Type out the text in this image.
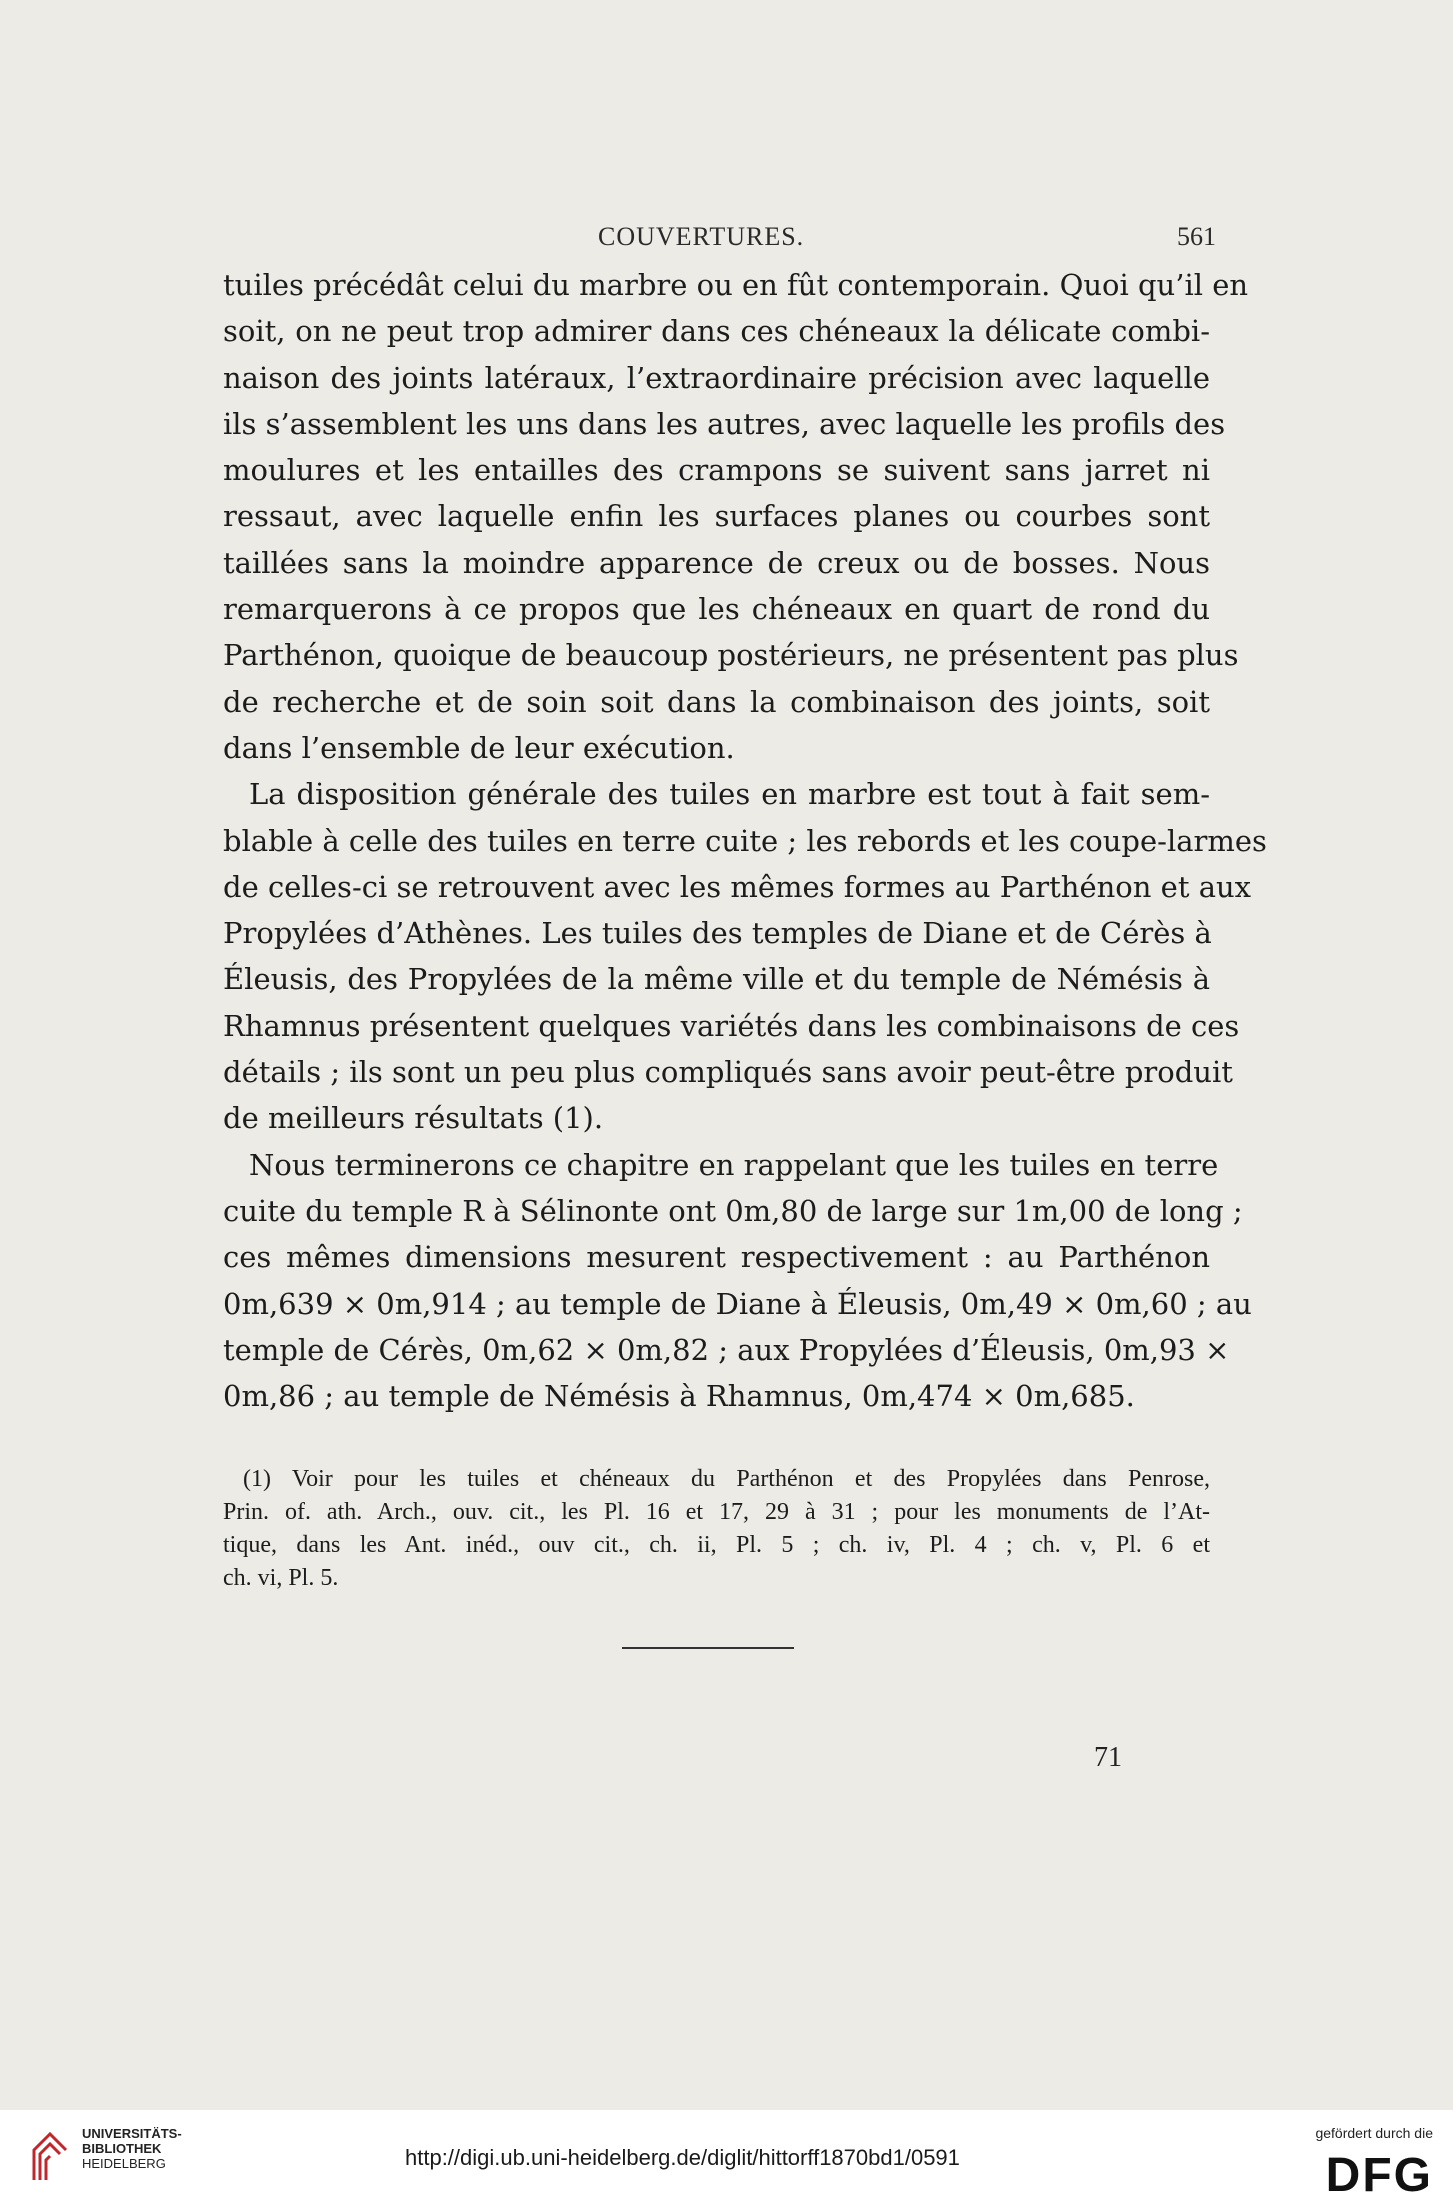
COUVERTURES.	561

tuiles précédât celui du marbre ou en fût contemporain. Quoi qu’il en
soit, on ne peut trop admirer dans ces chéneaux la délicate combi-
naison des joints latéraux, l’extraordinaire précision avec laquelle
ils s’assemblent les uns dans les autres, avec laquelle les profils des
moulures et les entailles des crampons se suivent sans jarret ni
ressaut, avec laquelle enfin les surfaces planes ou courbes sont
taillées sans la moindre apparence de creux ou de bosses. Nous
remarquerons à ce propos que les chéneaux en quart de rond du
Parthénon, quoique de beaucoup postérieurs, ne présentent pas plus
de recherche et de soin soit dans la combinaison des joints, soit
dans l’ensemble de leur exécution.

La disposition générale des tuiles en marbre est tout à fait sem-
blable à celle des tuiles en terre cuite ; les rebords et les coupe-larmes
de celles-ci se retrouvent avec les mêmes formes au Parthénon et aux
Propylées d’Athènes. Les tuiles des temples de Diane et de Cérès à
Éleusis, des Propylées de la même ville et du temple de Némésis à
Rhamnus présentent quelques variétés dans les combinaisons de ces
détails ; ils sont un peu plus compliqués sans avoir peut-être produit
de meilleurs résultats (1).

Nous terminerons ce chapitre en rappelant que les tuiles en terre
cuite du temple R à Sélinonte ont 0m,80 de large sur 1m,00 de long ;
ces mêmes dimensions mesurent respectivement : au Parthénon
0m,639 × 0m,914 ; au temple de Diane à Éleusis, 0m,49 × 0m,60 ; au
temple de Cérès, 0m,62 × 0m,82 ; aux Propylées d’Éleusis, 0m,93 ×
0m,86 ; au temple de Némésis à Rhamnus, 0m,474 × 0m,685.

(1) Voir pour les tuiles et chéneaux du Parthénon et des Propylées dans Penrose,
Prin. of. ath. Arch., ouv. cit., les Pl. 16 et 17, 29 à 31 ; pour les monuments de l’At-
tique, dans les Ant. inéd., ouv cit., ch. ii, Pl. 5 ; ch. iv, Pl. 4 ; ch. v, Pl. 6 et
ch. vi, Pl. 5.
71
UNIVERSITÄTS-
BIBLIOTHEK
HEIDELBERG	http://digi.ub.uni-heidelberg.de/diglit/hittorff1870bd1/0591
gefördert durch die
DFG
